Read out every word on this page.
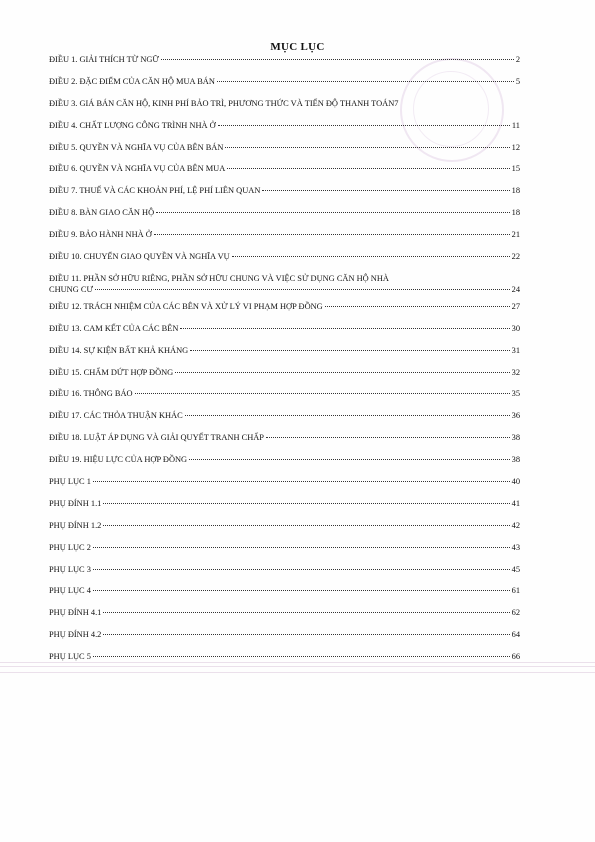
MỤC LỤC
ĐIỀU 1. GIẢI THÍCH TỪ NGỮ	2
ĐIỀU 2. ĐẶC ĐIỂM CỦA CĂN HỘ MUA BÁN	5
ĐIỀU 3. GIÁ BÁN CĂN HỘ, KINH PHÍ BẢO TRÌ, PHƯƠNG THỨC VÀ TIẾN ĐỘ THANH TOÁN 7
ĐIỀU 4. CHẤT LƯỢNG CÔNG TRÌNH NHÀ Ở	11
ĐIỀU 5. QUYỀN VÀ NGHĨA VỤ CỦA BÊN BÁN	12
ĐIỀU 6. QUYỀN VÀ NGHĨA VỤ CỦA BÊN MUA	15
ĐIỀU 7. THUẾ VÀ CÁC KHOẢN PHÍ, LỆ PHÍ LIÊN QUAN	18
ĐIỀU 8. BÀN GIAO CĂN HỘ	18
ĐIỀU 9. BẢO HÀNH NHÀ Ở	21
ĐIỀU 10. CHUYỂN GIAO QUYỀN VÀ NGHĨA VỤ	22
ĐIỀU 11. PHẦN SỞ HỮU RIÊNG, PHẦN SỞ HỮU CHUNG VÀ VIỆC SỬ DỤNG CĂN HỘ NHÀ
CHUNG CƯ	24
ĐIỀU 12. TRÁCH NHIỆM CỦA CÁC BÊN VÀ XỬ LÝ VI PHẠM HỢP ĐỒNG	27
ĐIỀU 13. CAM KẾT CỦA CÁC BÊN	30
ĐIỀU 14. SỰ KIỆN BẤT KHẢ KHÁNG	31
ĐIỀU 15. CHẤM DỨT HỢP ĐỒNG	32
ĐIỀU 16. THÔNG BÁO	35
ĐIỀU 17. CÁC THỎA THUẬN KHÁC	36
ĐIỀU 18. LUẬT ÁP DỤNG VÀ GIẢI QUYẾT TRANH CHẤP	38
ĐIỀU 19. HIỆU LỰC CỦA HỢP ĐỒNG	38
PHỤ LỤC 1	40
PHỤ ĐÍNH 1.1	41
PHỤ ĐÍNH 1.2	42
PHỤ LỤC 2	43
PHỤ LỤC 3	45
PHỤ LỤC 4	61
PHỤ ĐÍNH 4.1	62
PHỤ ĐÍNH 4.2	64
PHỤ LỤC 5	66
